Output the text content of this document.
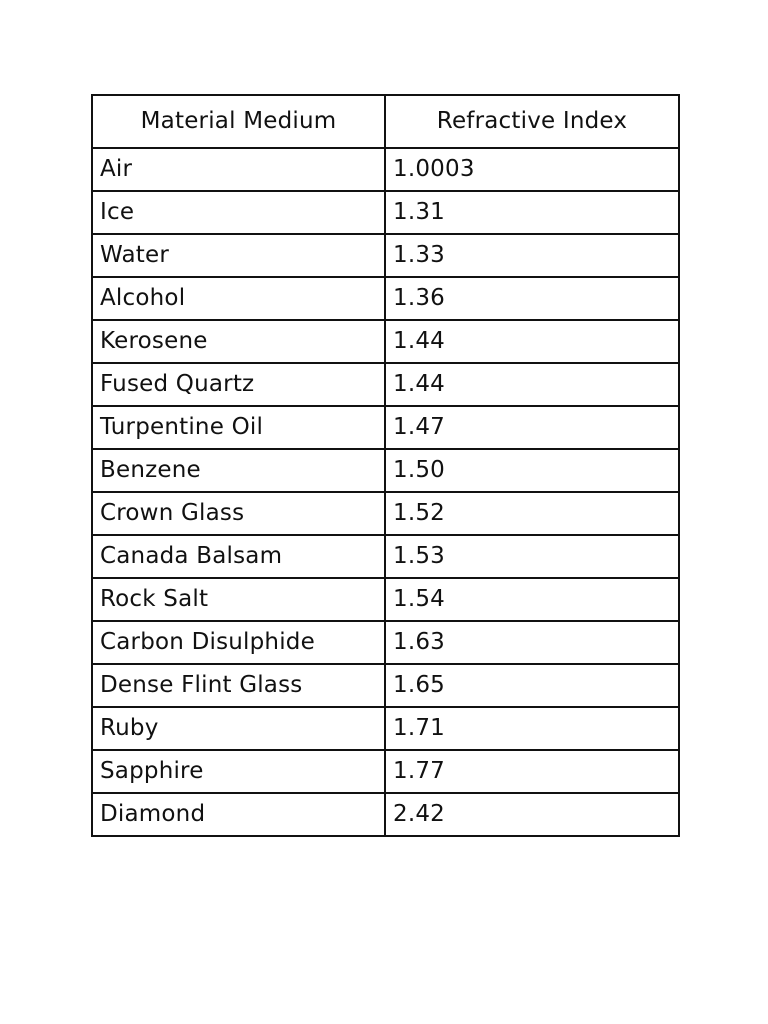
Material Medium	Refractive Index
Air	1.0003
Ice	1.31
Water	1.33
Alcohol	1.36
Kerosene	1.44
Fused Quartz	1.44
Turpentine Oil	1.47
Benzene	1.50
Crown Glass	1.52
Canada Balsam	1.53
Rock Salt	1.54
Carbon Disulphide	1.63
Dense Flint Glass	1.65
Ruby	1.71
Sapphire	1.77
Diamond	2.42
